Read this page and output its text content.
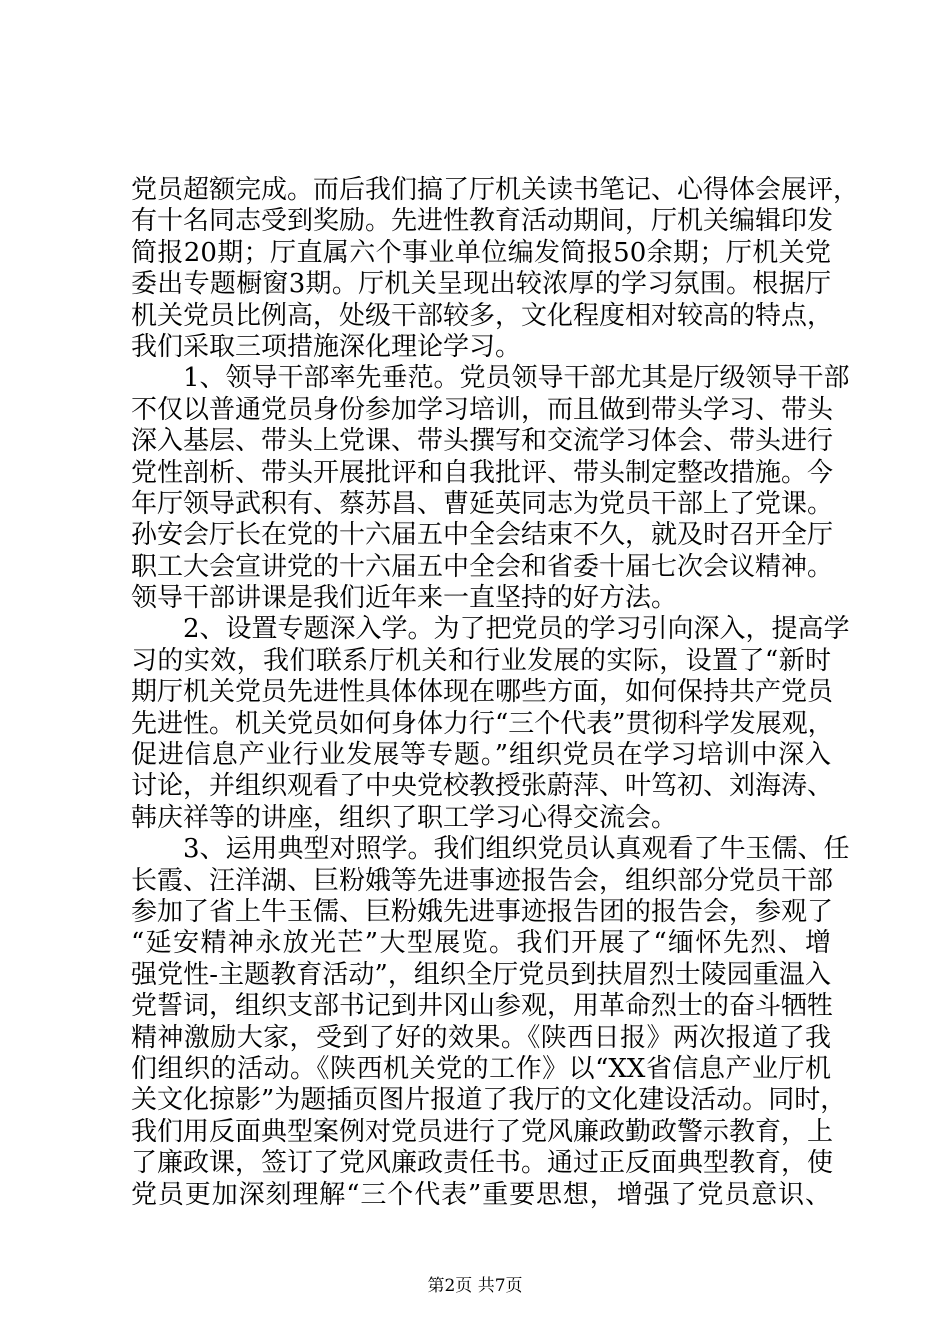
党员超额完成。而后我们搞了厅机关读书笔记、心得体会展评，
有十名同志受到奖励。先进性教育活动期间，厅机关编辑印发
简报20期；厅直属六个事业单位编发简报50余期；厅机关党
委出专题橱窗3期。厅机关呈现出较浓厚的学习氛围。根据厅
机关党员比例高，处级干部较多，文化程度相对较高的特点，
我们采取三项措施深化理论学习。
1、领导干部率先垂范。党员领导干部尤其是厅级领导干部
不仅以普通党员身份参加学习培训，而且做到带头学习、带头
深入基层、带头上党课、带头撰写和交流学习体会、带头进行
党性剖析、带头开展批评和自我批评、带头制定整改措施。今
年厅领导武积有、蔡苏昌、曹延英同志为党员干部上了党课。
孙安会厅长在党的十六届五中全会结束不久，就及时召开全厅
职工大会宣讲党的十六届五中全会和省委十届七次会议精神。
领导干部讲课是我们近年来一直坚持的好方法。
2、设置专题深入学。为了把党员的学习引向深入，提高学
习的实效，我们联系厅机关和行业发展的实际，设置了“新时
期厅机关党员先进性具体体现在哪些方面，如何保持共产党员
先进性。机关党员如何身体力行“三个代表”贯彻科学发展观，
促进信息产业行业发展等专题。”组织党员在学习培训中深入
讨论，并组织观看了中央党校教授张蔚萍、叶笃初、刘海涛、
韩庆祥等的讲座，组织了职工学习心得交流会。
3、运用典型对照学。我们组织党员认真观看了牛玉儒、任
长霞、汪洋湖、巨粉娥等先进事迹报告会，组织部分党员干部
参加了省上牛玉儒、巨粉娥先进事迹报告团的报告会，参观了
“延安精神永放光芒”大型展览。我们开展了“缅怀先烈、增
强党性-主题教育活动”，组织全厅党员到扶眉烈士陵园重温入
党誓词，组织支部书记到井冈山参观，用革命烈士的奋斗牺牲
精神激励大家，受到了好的效果。《陕西日报》两次报道了我
们组织的活动。《陕西机关党的工作》以“XX省信息产业厅机
关文化掠影”为题插页图片报道了我厅的文化建设活动。同时，
我们用反面典型案例对党员进行了党风廉政勤政警示教育，上
了廉政课，签订了党风廉政责任书。通过正反面典型教育，使
党员更加深刻理解“三个代表”重要思想，增强了党员意识、
第2页 共7页
